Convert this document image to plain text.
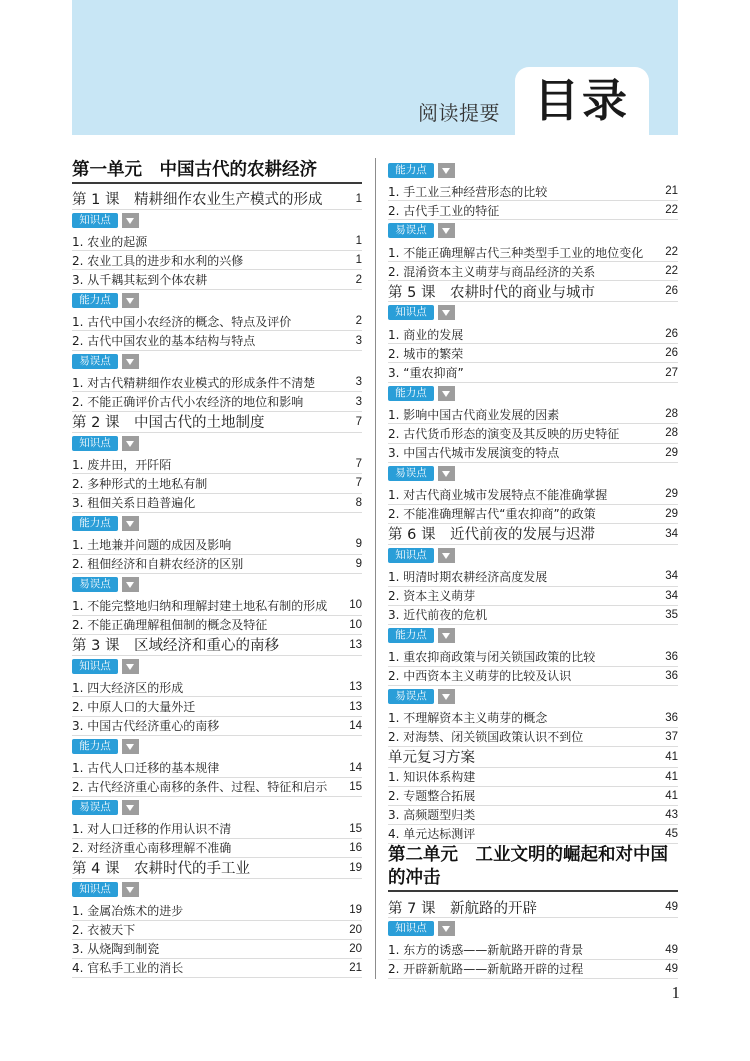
阅读提要 目录
第一单元　中国古代的农耕经济
第 1 课　精耕细作农业生产模式的形成	1
知识点
1. 农业的起源	1
2. 农业工具的进步和水利的兴修	1
3. 从千耦其耘到个体农耕	2
能力点
1. 古代中国小农经济的概念、特点及评价	2
2. 古代中国农业的基本结构与特点	3
易误点
1. 对古代精耕细作农业模式的形成条件不清楚	3
2. 不能正确评价古代小农经济的地位和影响	3
第 2 课　中国古代的土地制度	7
知识点
1. 废井田，开阡陌	7
2. 多种形式的土地私有制	7
3. 租佃关系日趋普遍化	8
能力点
1. 土地兼并问题的成因及影响	9
2. 租佃经济和自耕农经济的区别	9
易误点
1. 不能完整地归纳和理解封建土地私有制的形成	10
2. 不能正确理解租佃制的概念及特征	10
第 3 课　区域经济和重心的南移	13
知识点
1. 四大经济区的形成	13
2. 中原人口的大量外迁	13
3. 中国古代经济重心的南移	14
能力点
1. 古代人口迁移的基本规律	14
2. 古代经济重心南移的条件、过程、特征和启示	15
易误点
1. 对人口迁移的作用认识不清	15
2. 对经济重心南移理解不准确	16
第 4 课　农耕时代的手工业	19
知识点
1. 金属冶炼术的进步	19
2. 衣被天下	20
3. 从烧陶到制瓷	20
4. 官私手工业的消长	21
能力点
1. 手工业三种经营形态的比较	21
2. 古代手工业的特征	22
易误点
1. 不能正确理解古代三种类型手工业的地位变化	22
2. 混淆资本主义萌芽与商品经济的关系	22
第 5 课　农耕时代的商业与城市	26
知识点
1. 商业的发展	26
2. 城市的繁荣	26
3. “重农抑商”	27
能力点
1. 影响中国古代商业发展的因素	28
2. 古代货币形态的演变及其反映的历史特征	28
3. 中国古代城市发展演变的特点	29
易误点
1. 对古代商业城市发展特点不能准确掌握	29
2. 不能准确理解古代“重农抑商”的政策	29
第 6 课　近代前夜的发展与迟滞	34
知识点
1. 明清时期农耕经济高度发展	34
2. 资本主义萌芽	34
3. 近代前夜的危机	35
能力点
1. 重农抑商政策与闭关锁国政策的比较	36
2. 中西资本主义萌芽的比较及认识	36
易误点
1. 不理解资本主义萌芽的概念	36
2. 对海禁、闭关锁国政策认识不到位	37
单元复习方案	41
1. 知识体系构建	41
2. 专题整合拓展	41
3. 高频题型归类	43
4. 单元达标测评	45
第二单元　工业文明的崛起和对中国的冲击
第 7 课　新航路的开辟	49
知识点
1. 东方的诱惑——新航路开辟的背景	49
2. 开辟新航路——新航路开辟的过程	49
1
